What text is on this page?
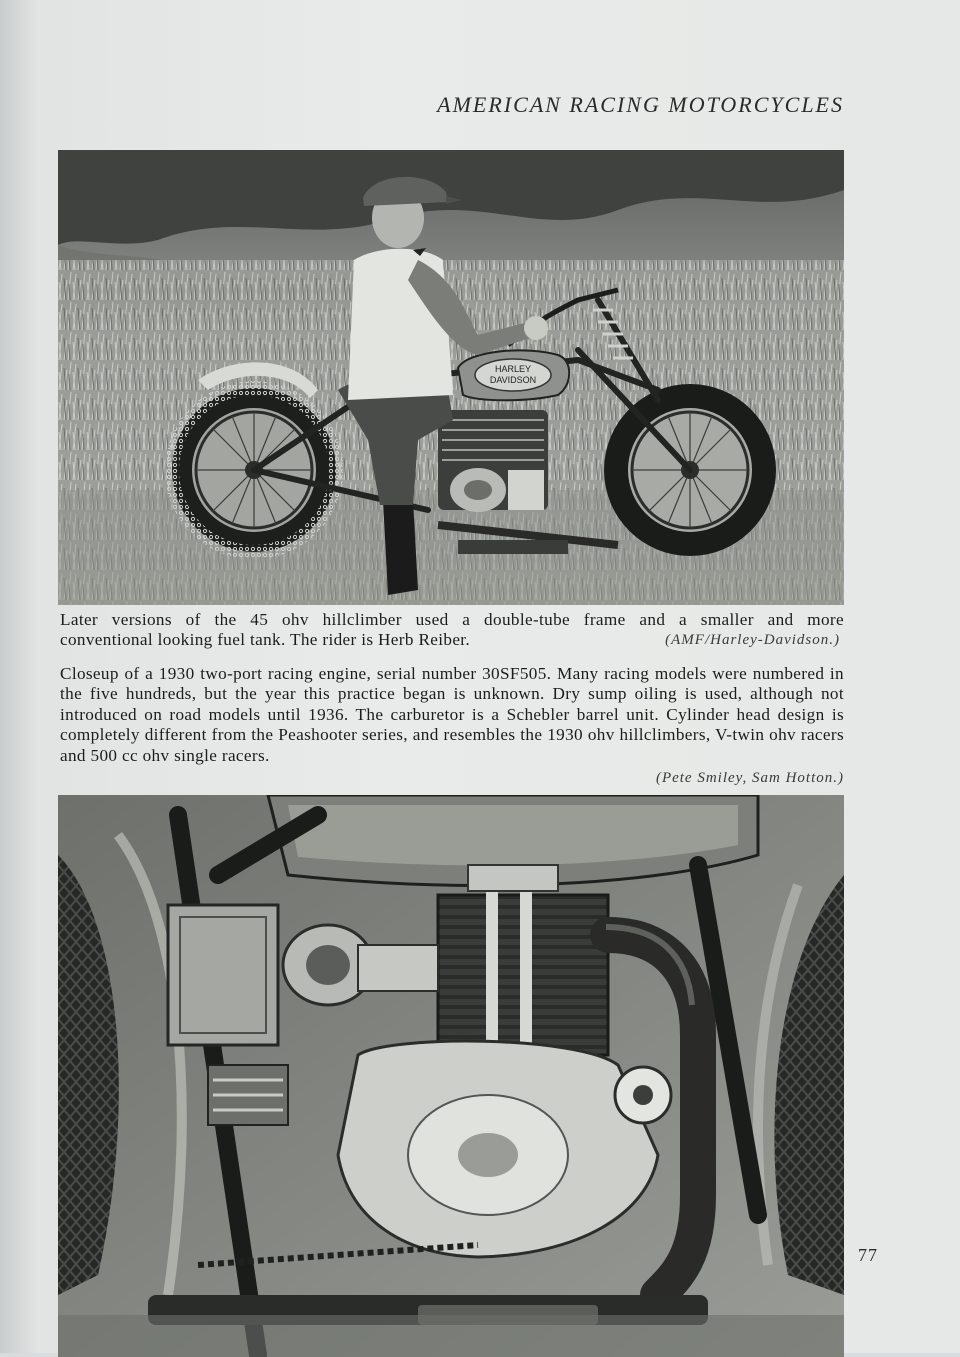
AMERICAN RACING MOTORCYCLES
HARLEY
DAVIDSON
Later versions of the 45 ohv hillclimber used a double-tube frame and a smaller and more
(AMF/Harley-Davidson.)
conventional looking fuel tank. The rider is Herb Reiber.
Closeup of a 1930 two-port racing engine, serial number 30SF505. Many racing models were numbered in the five hundreds, but the year this practice began is unknown. Dry sump oiling is used, although not introduced on road models until 1936. The carburetor is a Schebler barrel unit. Cylinder head design is completely different from the Peashooter series, and resembles the 1930 ohv hillclimbers, V-twin ohv racers and 500 cc ohv single racers.
(Pete Smiley, Sam Hotton.)
77
